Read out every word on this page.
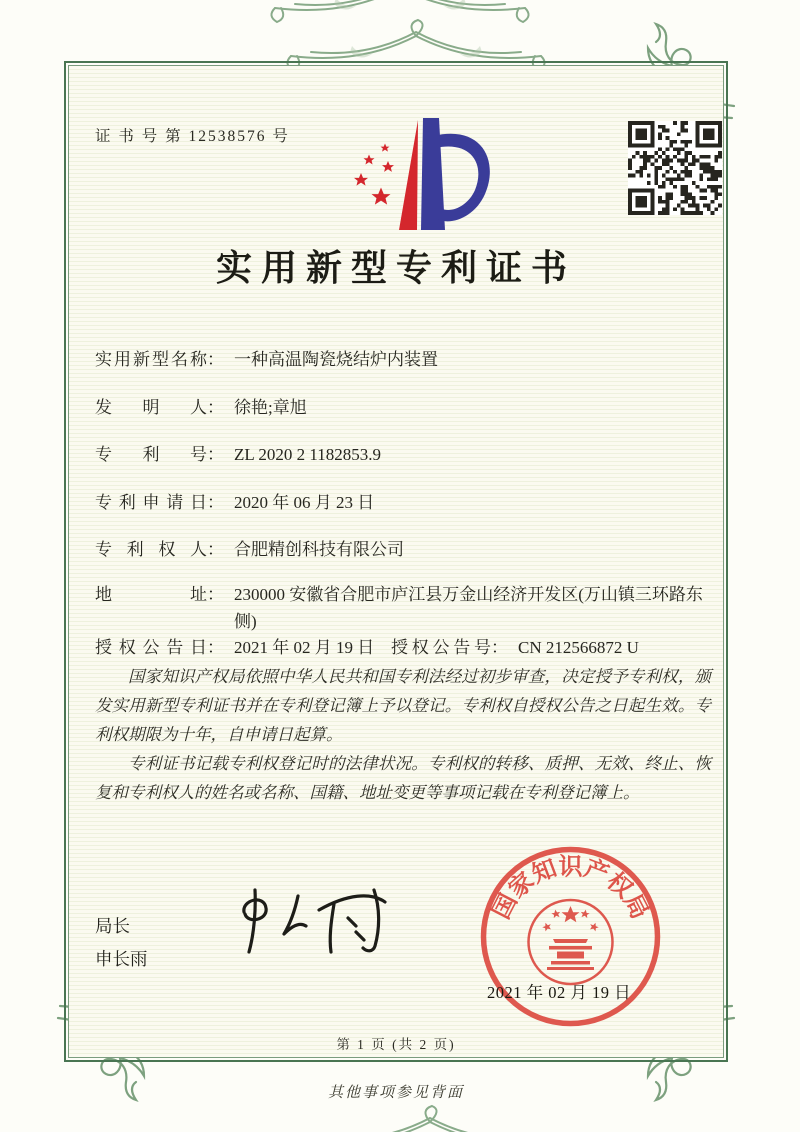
证 书 号 第 12538576 号
实用新型专利证书
实用新型名称 ： 一种高温陶瓷烧结炉内装置
发明人 ： 徐艳;章旭
专利号 ： ZL 2020 2 1182853.9
专利申请日 ： 2020 年 06 月 23 日
专利权人 ： 合肥精创科技有限公司
地址 ： 230000 安徽省合肥市庐江县万金山经济开发区(万山镇三环路东侧)
授权公告日 ： 2021 年 02 月 19 日 授权公告号 ： CN 212566872 U

国家知识产权局依照中华人民共和国专利法经过初步审查，决定授予专利权，颁发实用新型专利证书并在专利登记簿上予以登记。专利权自授权公告之日起生效。专利权期限为十年，自申请日起算。

专利证书记载专利权登记时的法律状况。专利权的转移、质押、无效、终止、恢复和专利权人的姓名或名称、国籍、地址变更等事项记载在专利登记簿上。

局长
申长雨
国家知识产权局
2021 年 02 月 19 日
第 1 页 (共 2 页)
其他事项参见背面
